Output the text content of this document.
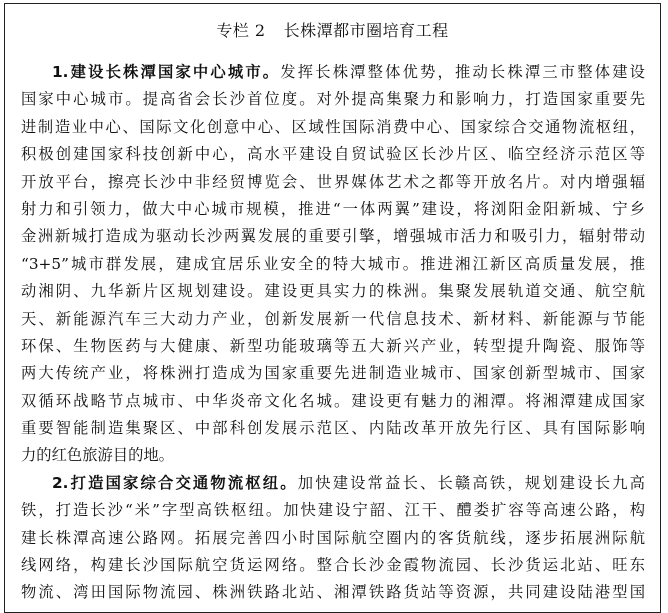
专栏 2 长株潭都市圈培育工程
1.建设长株潭国家中心城市。发挥长株潭整体优势，推动长株潭三市整体建设
国家中心城市。提高省会长沙首位度。对外提高集聚力和影响力，打造国家重要先
进制造业中心、国际文化创意中心、区域性国际消费中心、国家综合交通物流枢纽，
积极创建国家科技创新中心，高水平建设自贸试验区长沙片区、临空经济示范区等
开放平台，擦亮长沙中非经贸博览会、世界媒体艺术之都等开放名片。对内增强辐
射力和引领力，做大中心城市规模，推进“一体两翼”建设，将浏阳金阳新城、宁乡
金洲新城打造成为驱动长沙两翼发展的重要引擎，增强城市活力和吸引力，辐射带动
“3+5”城市群发展，建成宜居乐业安全的特大城市。推进湘江新区高质量发展，推
动湘阴、九华新片区规划建设。建设更具实力的株洲。集聚发展轨道交通、航空航
天、新能源汽车三大动力产业，创新发展新一代信息技术、新材料、新能源与节能
环保、生物医药与大健康、新型功能玻璃等五大新兴产业，转型提升陶瓷、服饰等
两大传统产业，将株洲打造成为国家重要先进制造业城市、国家创新型城市、国家
双循环战略节点城市、中华炎帝文化名城。建设更有魅力的湘潭。将湘潭建成国家
重要智能制造集聚区、中部科创发展示范区、内陆改革开放先行区、具有国际影响
力的红色旅游目的地。
2.打造国家综合交通物流枢纽。加快建设常益长、长赣高铁，规划建设长九高
铁，打造长沙“米”字型高铁枢纽。加快建设宁韶、江干、醴娄扩容等高速公路，构
建长株潭高速公路网。拓展完善四小时国际航空圈内的客货航线，逐步拓展洲际航
线网络，构建长沙国际航空货运网络。整合长沙金霞物流园、长沙货运北站、旺东
物流、湾田国际物流园、株洲铁路北站、湘潭铁路货站等资源，共同建设陆港型国
